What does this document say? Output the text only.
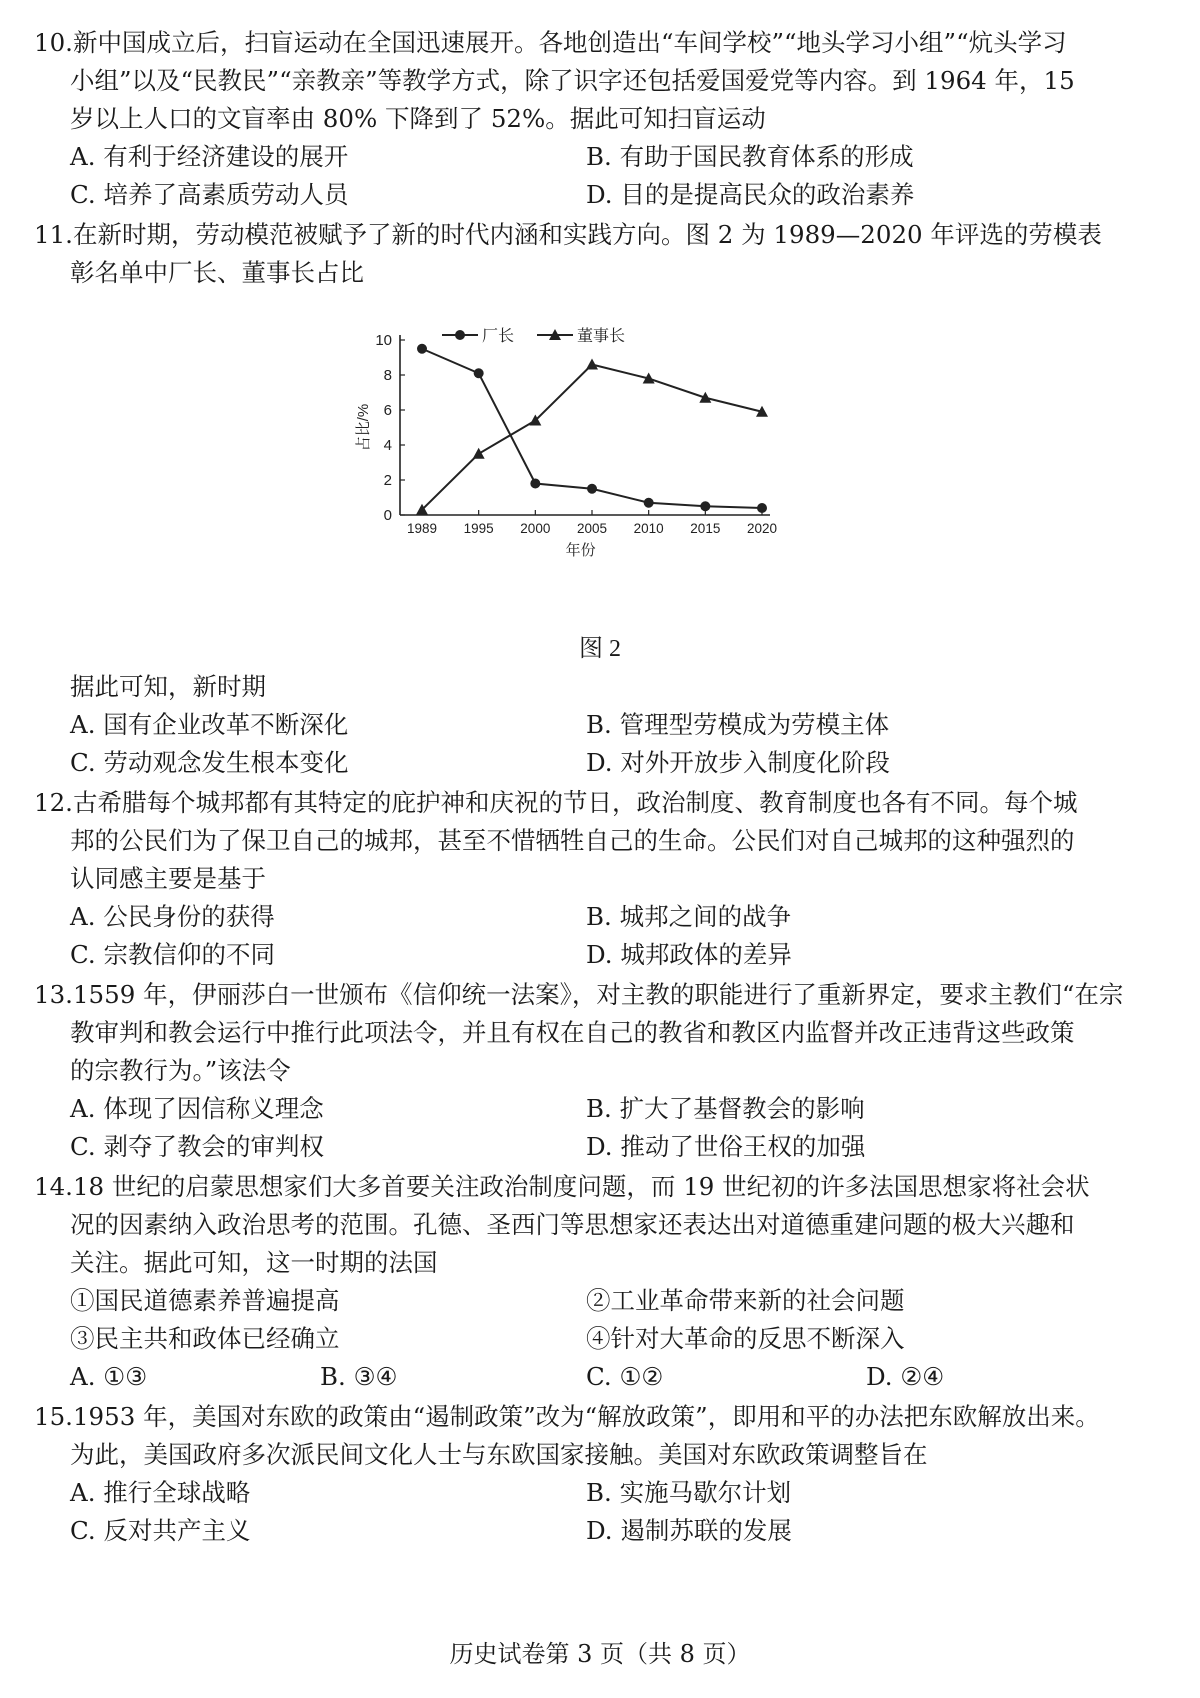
10.新中国成立后，扫盲运动在全国迅速展开。各地创造出“车间学校”“地头学习小组”“炕头学习
小组”以及“民教民”“亲教亲”等教学方式，除了识字还包括爱国爱党等内容。到 1964 年，15
岁以上人口的文盲率由 80% 下降到了 52%。据此可知扫盲运动
A. 有利于经济建设的展开	B. 有助于国民教育体系的形成
C. 培养了高素质劳动人员	D. 目的是提高民众的政治素养
11.在新时期，劳动模范被赋予了新的时代内涵和实践方向。图 2 为 1989—2020 年评选的劳模表
彰名单中厂长、董事长占比
0
2
4
6
8
10
1989 1995 2000 2005 2010 2015 2020
年份
占比/%
厂长	董事长
图 2
据此可知，新时期
A. 国有企业改革不断深化	B. 管理型劳模成为劳模主体
C. 劳动观念发生根本变化	D. 对外开放步入制度化阶段
12.古希腊每个城邦都有其特定的庇护神和庆祝的节日，政治制度、教育制度也各有不同。每个城
邦的公民们为了保卫自己的城邦，甚至不惜牺牲自己的生命。公民们对自己城邦的这种强烈的
认同感主要是基于
A. 公民身份的获得	B. 城邦之间的战争
C. 宗教信仰的不同	D. 城邦政体的差异
13.1559 年，伊丽莎白一世颁布《信仰统一法案》，对主教的职能进行了重新界定，要求主教们“在宗
教审判和教会运行中推行此项法令，并且有权在自己的教省和教区内监督并改正违背这些政策
的宗教行为。”该法令
A. 体现了因信称义理念	B. 扩大了基督教会的影响
C. 剥夺了教会的审判权	D. 推动了世俗王权的加强
14.18 世纪的启蒙思想家们大多首要关注政治制度问题，而 19 世纪初的许多法国思想家将社会状
况的因素纳入政治思考的范围。孔德、圣西门等思想家还表达出对道德重建问题的极大兴趣和
关注。据此可知，这一时期的法国
①国民道德素养普遍提高	②工业革命带来新的社会问题
③民主共和政体已经确立	④针对大革命的反思不断深入
A. ①③	B. ③④	C. ①②	D. ②④
15.1953 年，美国对东欧的政策由“遏制政策”改为“解放政策”，即用和平的办法把东欧解放出来。
为此，美国政府多次派民间文化人士与东欧国家接触。美国对东欧政策调整旨在
A. 推行全球战略	B. 实施马歇尔计划
C. 反对共产主义	D. 遏制苏联的发展
历史试卷第 3 页（共 8 页）
